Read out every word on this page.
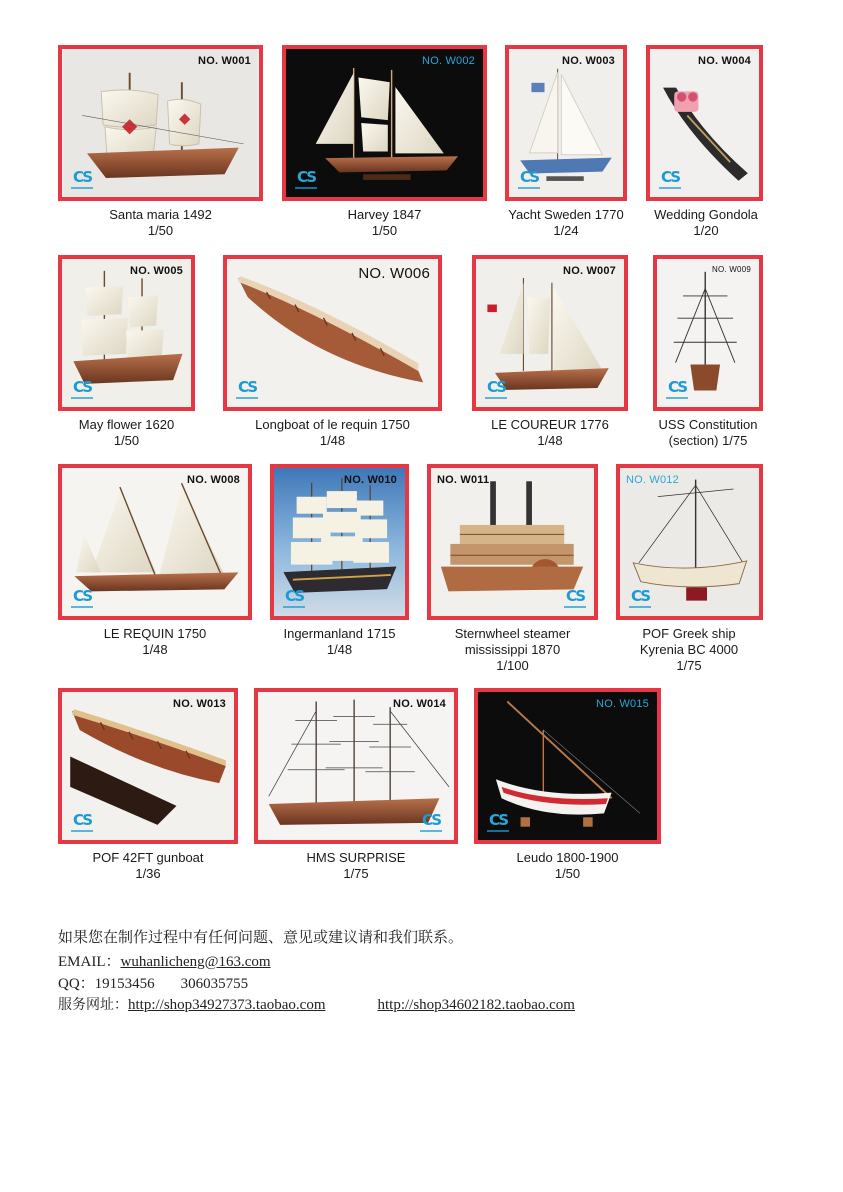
NO. W001
CS
Santa maria 1492
1/50
NO. W002
CS
Harvey 1847
1/50
NO. W003
CS
Yacht Sweden 1770
1/24
NO. W004
CS
Wedding Gondola
1/20
NO. W005
CS
May flower 1620
1/50
NO. W006
CS
Longboat of le requin 1750
1/48
NO. W007
CS
LE COUREUR 1776
1/48
NO. W009
CS
USS Constitution
(section) 1/75
NO. W008
CS
LE REQUIN 1750
1/48
NO. W010
CS
Ingermanland 1715
1/48
NO. W011
CS
Sternwheel steamer
mississippi 1870
1/100
NO. W012
CS
POF Greek ship
Kyrenia BC 4000
1/75
NO. W013
CS
POF 42FT gunboat
1/36
NO. W014
CS
HMS SURPRISE
1/75
NO. W015
CS
Leudo 1800-1900
1/50
如果您在制作过程中有任何问题、意见或建议请和我们联系。
EMAIL：wuhanlicheng@163.com
QQ：19153456 306035755
服务网址：http://shop34927373.taobao.com	http://shop34602182.taobao.com
